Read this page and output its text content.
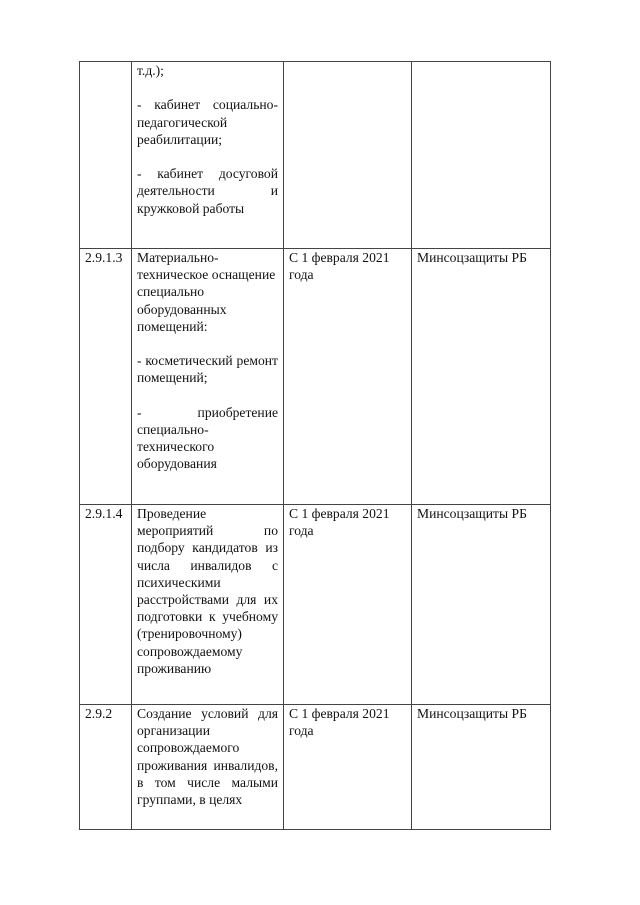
	т.д.);

- кабинет социально-педагогической реабилитации;

- кабинет досуговой деятельности и кружковой работы		

2.9.1.3	Материально-техническое оснащение специально оборудованных помещений:

- косметический ремонт помещений;

- приобретение специально-технического оборудования	С 1 февраля 2021 года	Минсоцзащиты РБ
2.9.1.4	Проведение мероприятий по подбору кандидатов из числа инвалидов с психическими расстройствами для их подготовки к учебному (тренировочному) сопровождаемому проживанию	С 1 февраля 2021 года	Минсоцзащиты РБ
2.9.2	Создание условий для организации сопровождаемого проживания инвалидов, в том числе малыми группами, в целях	С 1 февраля 2021 года	Минсоцзащиты РБ
